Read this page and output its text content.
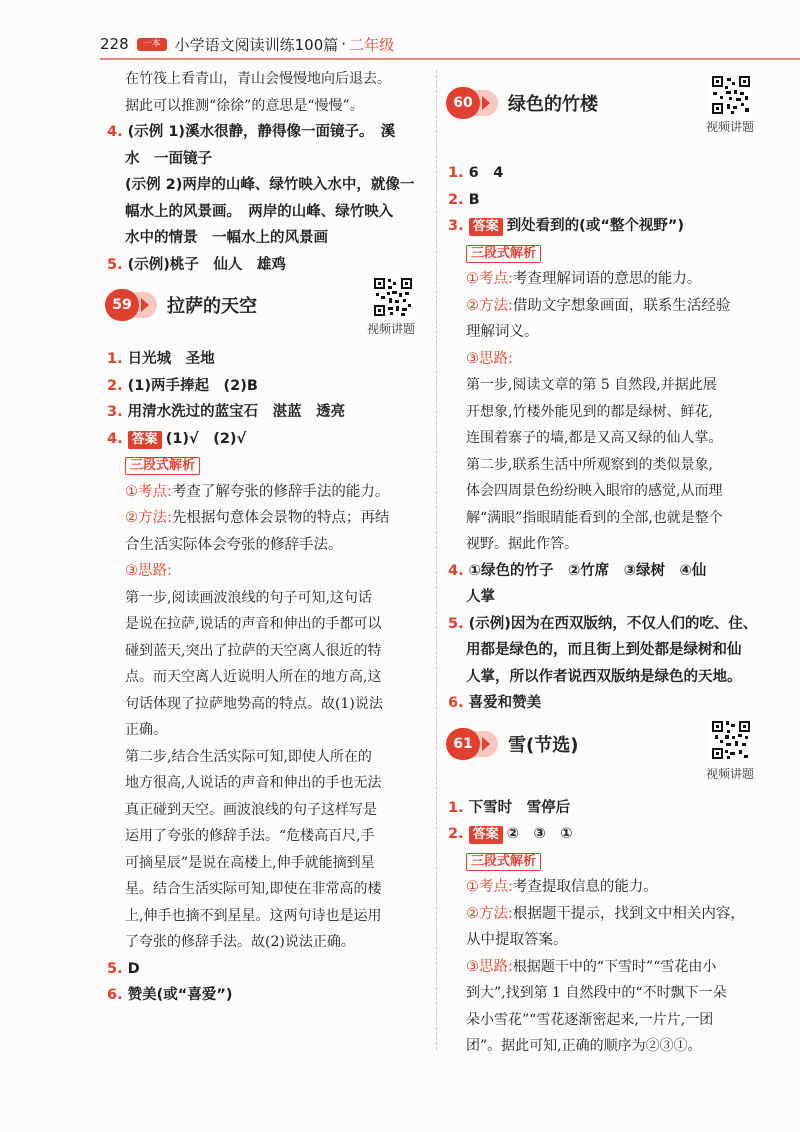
228	一本 小学语文阅读训练100篇 · 二年级
在竹筏上看青山，青山会慢慢地向后退去。
据此可以推测“徐徐”的意思是“慢慢”。
4. (示例 1)溪水很静，静得像一面镜子。　溪
水　一面镜子
(示例 2)两岸的山峰、绿竹映入水中，就像一
幅水上的风景画。　两岸的山峰、绿竹映入
水中的情景　一幅水上的风景画
5. (示例)桃子　仙人　雄鸡
59	拉萨的天空
视频讲题
1. 日光城　圣地
2. (1)两手捧起　(2)B
3. 用清水洗过的蓝宝石　湛蓝　透亮
4. 答案 (1)√　(2)√
三段式解析
①考点:考查了解夸张的修辞手法的能力。
②方法:先根据句意体会景物的特点；再结
合生活实际体会夸张的修辞手法。
③思路:
第一步,阅读画波浪线的句子可知,这句话
是说在拉萨,说话的声音和伸出的手都可以
碰到蓝天,突出了拉萨的天空离人很近的特
点。而天空离人近说明人所在的地方高,这
句话体现了拉萨地势高的特点。故(1)说法
正确。
第二步,结合生活实际可知,即使人所在的
地方很高,人说话的声音和伸出的手也无法
真正碰到天空。画波浪线的句子这样写是
运用了夸张的修辞手法。“危楼高百尺,手
可摘星辰”是说在高楼上,伸手就能摘到星
星。结合生活实际可知,即使在非常高的楼
上,伸手也摘不到星星。这两句诗也是运用
了夸张的修辞手法。故(2)说法正确。
5. D
6. 赞美(或“喜爱”)
60	绿色的竹楼
视频讲题
1. 6　4
2. B
3. 答案 到处看到的(或“整个视野”)
三段式解析
①考点:考查理解词语的意思的能力。
②方法:借助文字想象画面，联系生活经验
理解词义。
③思路:
第一步,阅读文章的第 5 自然段,并据此展
开想象,竹楼外能见到的都是绿树、鲜花,
连围着寨子的墙,都是又高又绿的仙人掌。
第二步,联系生活中所观察到的类似景象,
体会四周景色纷纷映入眼帘的感觉,从而理
解“满眼”指眼睛能看到的全部,也就是整个
视野。据此作答。
4. ①绿色的竹子　②竹席　③绿树　④仙
人掌
5. (示例)因为在西双版纳，不仅人们的吃、住、
用都是绿色的，而且街上到处都是绿树和仙
人掌，所以作者说西双版纳是绿色的天地。
6. 喜爱和赞美
61	雪(节选)
视频讲题
1. 下雪时　雪停后
2. 答案 ②　③　①
三段式解析
①考点:考查提取信息的能力。
②方法:根据题干提示，找到文中相关内容，
从中提取答案。
③思路:根据题干中的“下雪时”“雪花由小
到大”,找到第 1 自然段中的“不时飘下一朵
朵小雪花”“雪花逐渐密起来,一片片,一团
团”。据此可知,正确的顺序为②③①。
